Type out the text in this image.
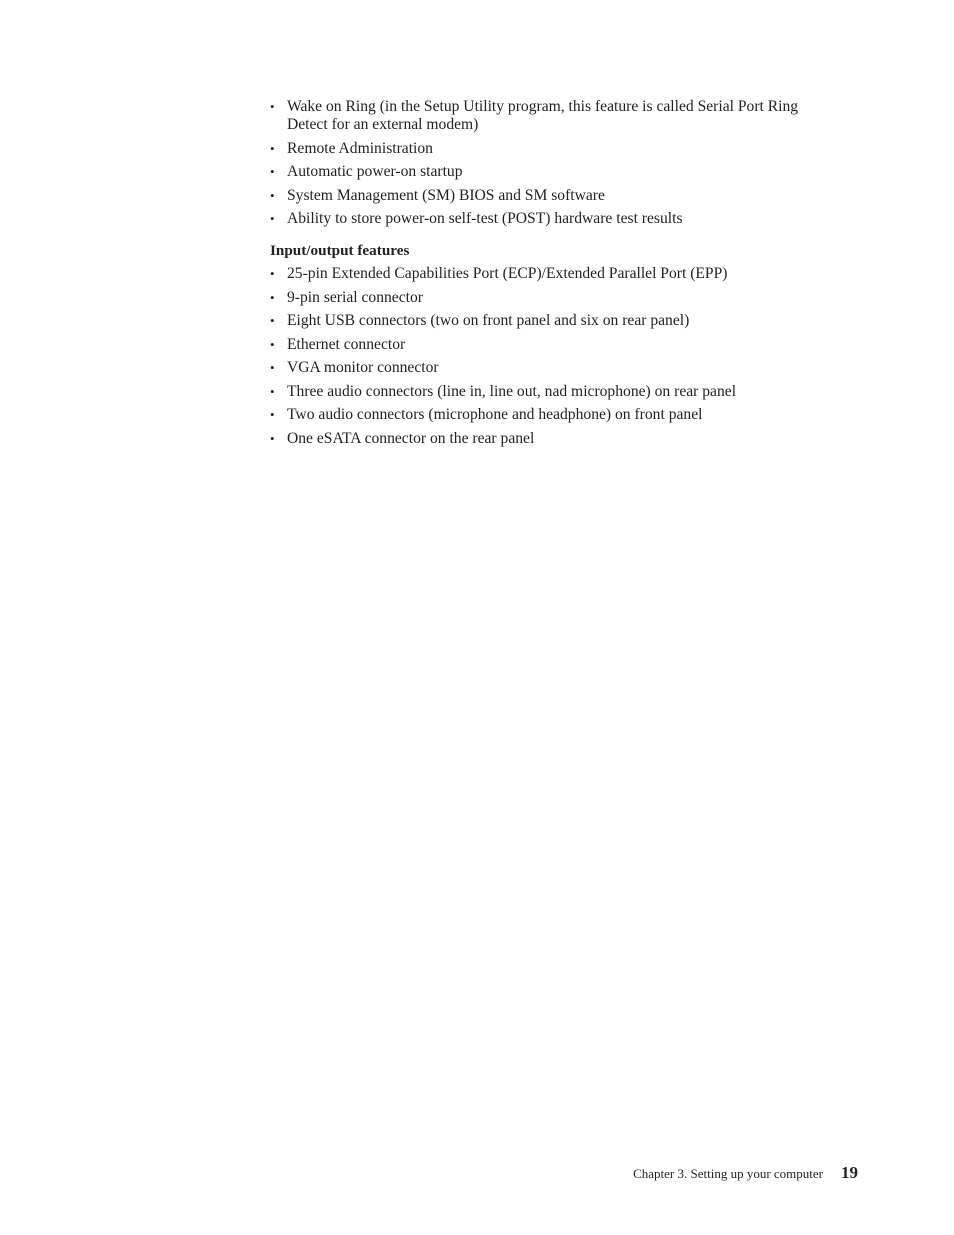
• Wake on Ring (in the Setup Utility program, this feature is called Serial Port Ring Detect for an external modem)
• Remote Administration
• Automatic power-on startup
• System Management (SM) BIOS and SM software
• Ability to store power-on self-test (POST) hardware test results
Input/output features
• 25-pin Extended Capabilities Port (ECP)/Extended Parallel Port (EPP)
• 9-pin serial connector
• Eight USB connectors (two on front panel and six on rear panel)
• Ethernet connector
• VGA monitor connector
• Three audio connectors (line in, line out, nad microphone) on rear panel
• Two audio connectors (microphone and headphone) on front panel
• One eSATA connector on the rear panel
Chapter 3. Setting up your computer 19
